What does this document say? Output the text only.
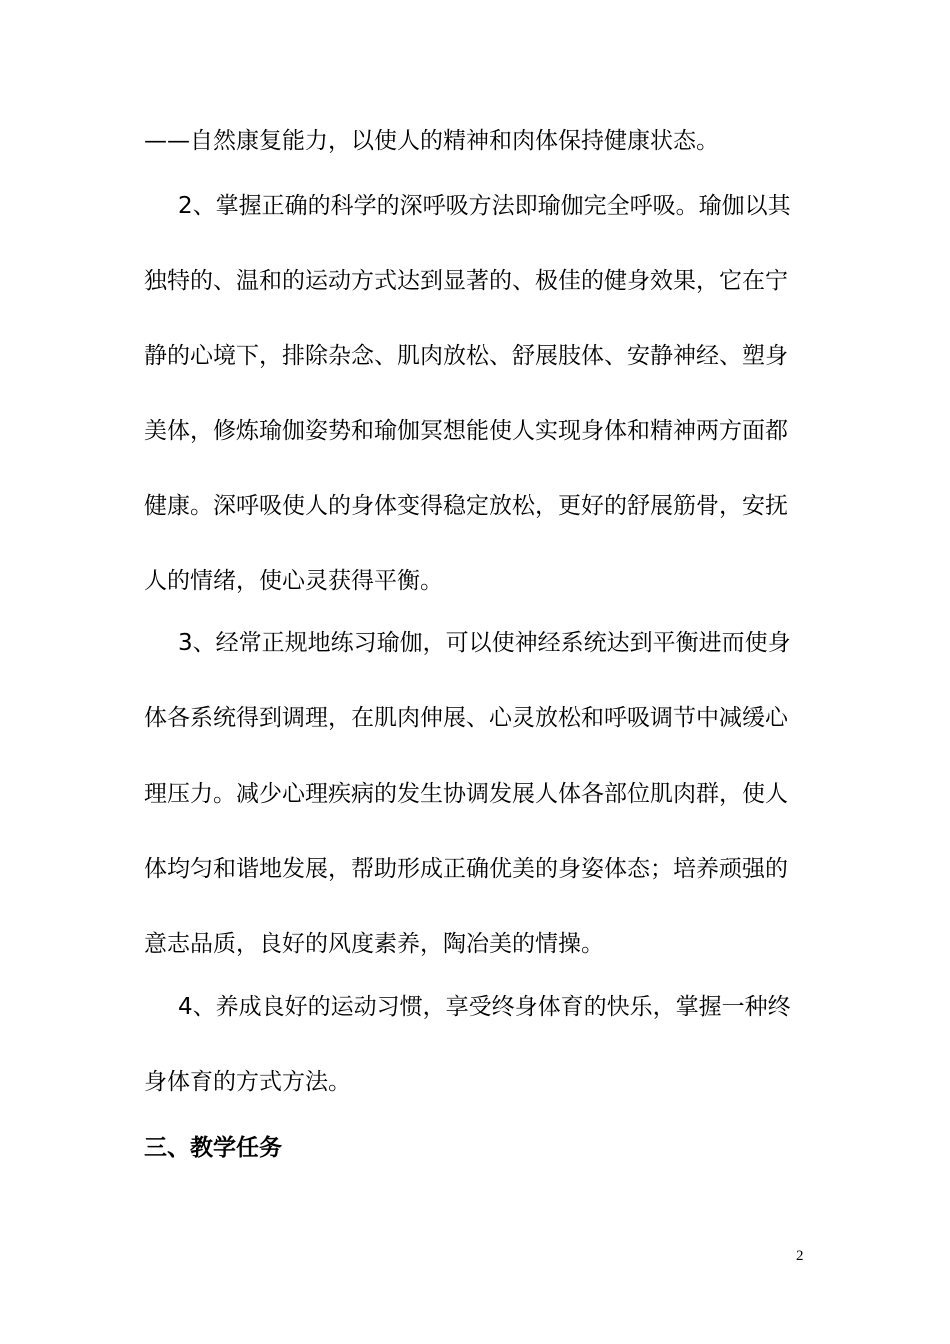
——自然康复能力，以使人的精神和肉体保持健康状态。
2、掌握正确的科学的深呼吸方法即瑜伽完全呼吸。瑜伽以其
独特的、温和的运动方式达到显著的、极佳的健身效果，它在宁
静的心境下，排除杂念、肌肉放松、舒展肢体、安静神经、塑身
美体，修炼瑜伽姿势和瑜伽冥想能使人实现身体和精神两方面都
健康。深呼吸使人的身体变得稳定放松，更好的舒展筋骨，安抚
人的情绪，使心灵获得平衡。
3、经常正规地练习瑜伽，可以使神经系统达到平衡进而使身
体各系统得到调理，在肌肉伸展、心灵放松和呼吸调节中减缓心
理压力。减少心理疾病的发生协调发展人体各部位肌肉群，使人
体均匀和谐地发展，帮助形成正确优美的身姿体态；培养顽强的
意志品质，良好的风度素养，陶冶美的情操。
4、养成良好的运动习惯，享受终身体育的快乐，掌握一种终
身体育的方式方法。
三、教学任务
2
